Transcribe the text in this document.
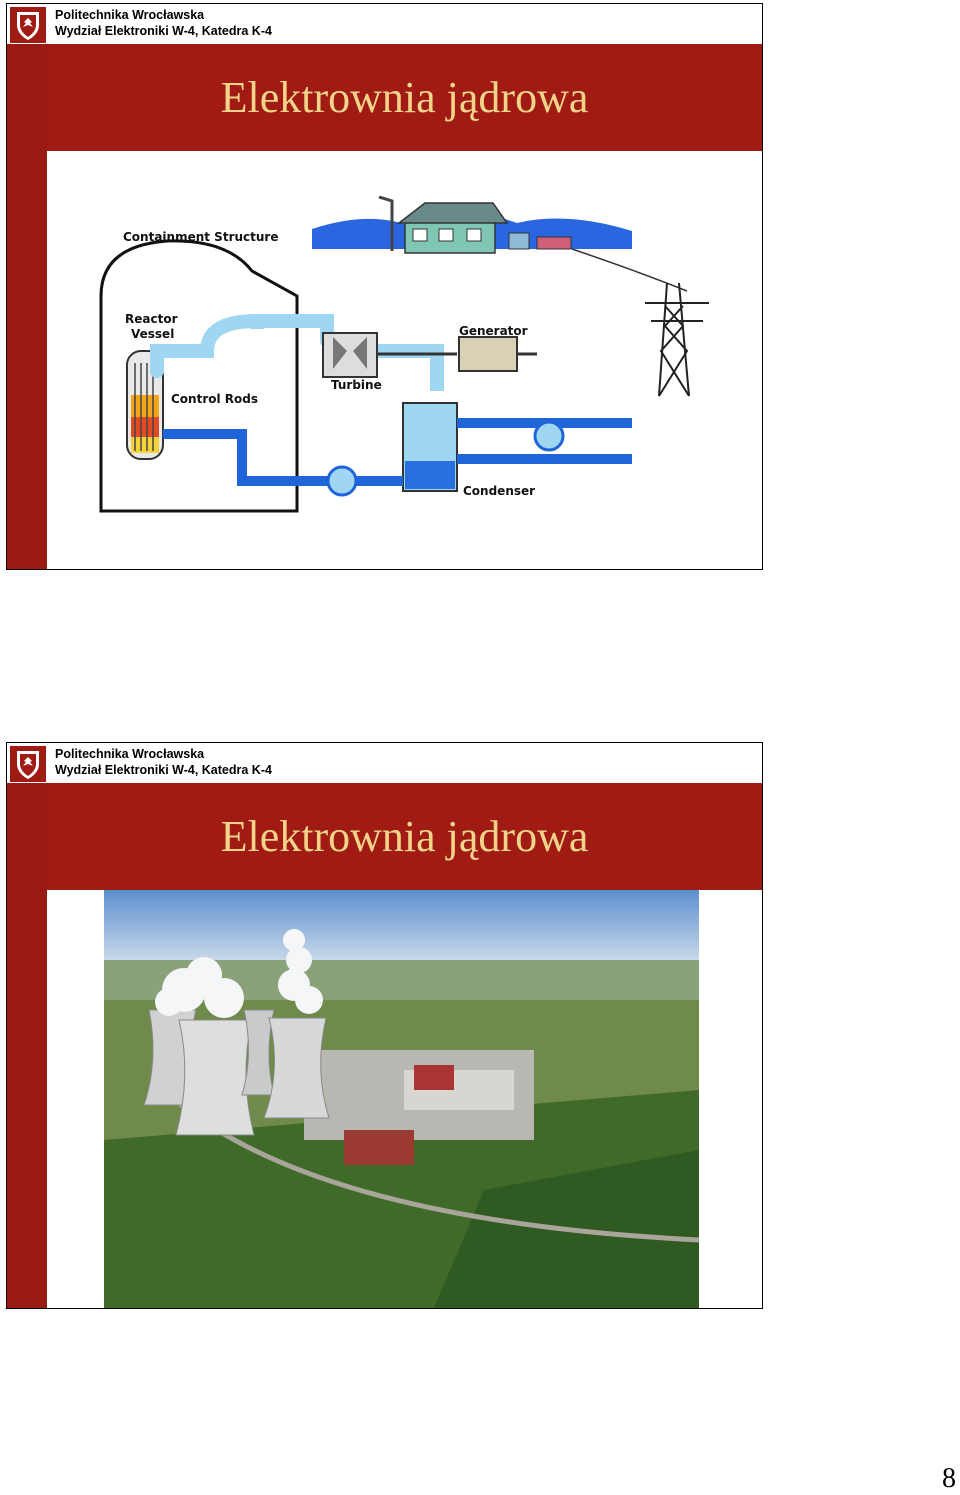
Politechnika Wrocławska
Wydział Elektroniki W-4, Katedra K-4
Elektrownia jądrowa
Containment Structure
Reactor
Vessel	Generator
Turbine
Control Rods
Condenser
Politechnika Wrocławska
Wydział Elektroniki W-4, Katedra K-4
Elektrownia jądrowa
8
